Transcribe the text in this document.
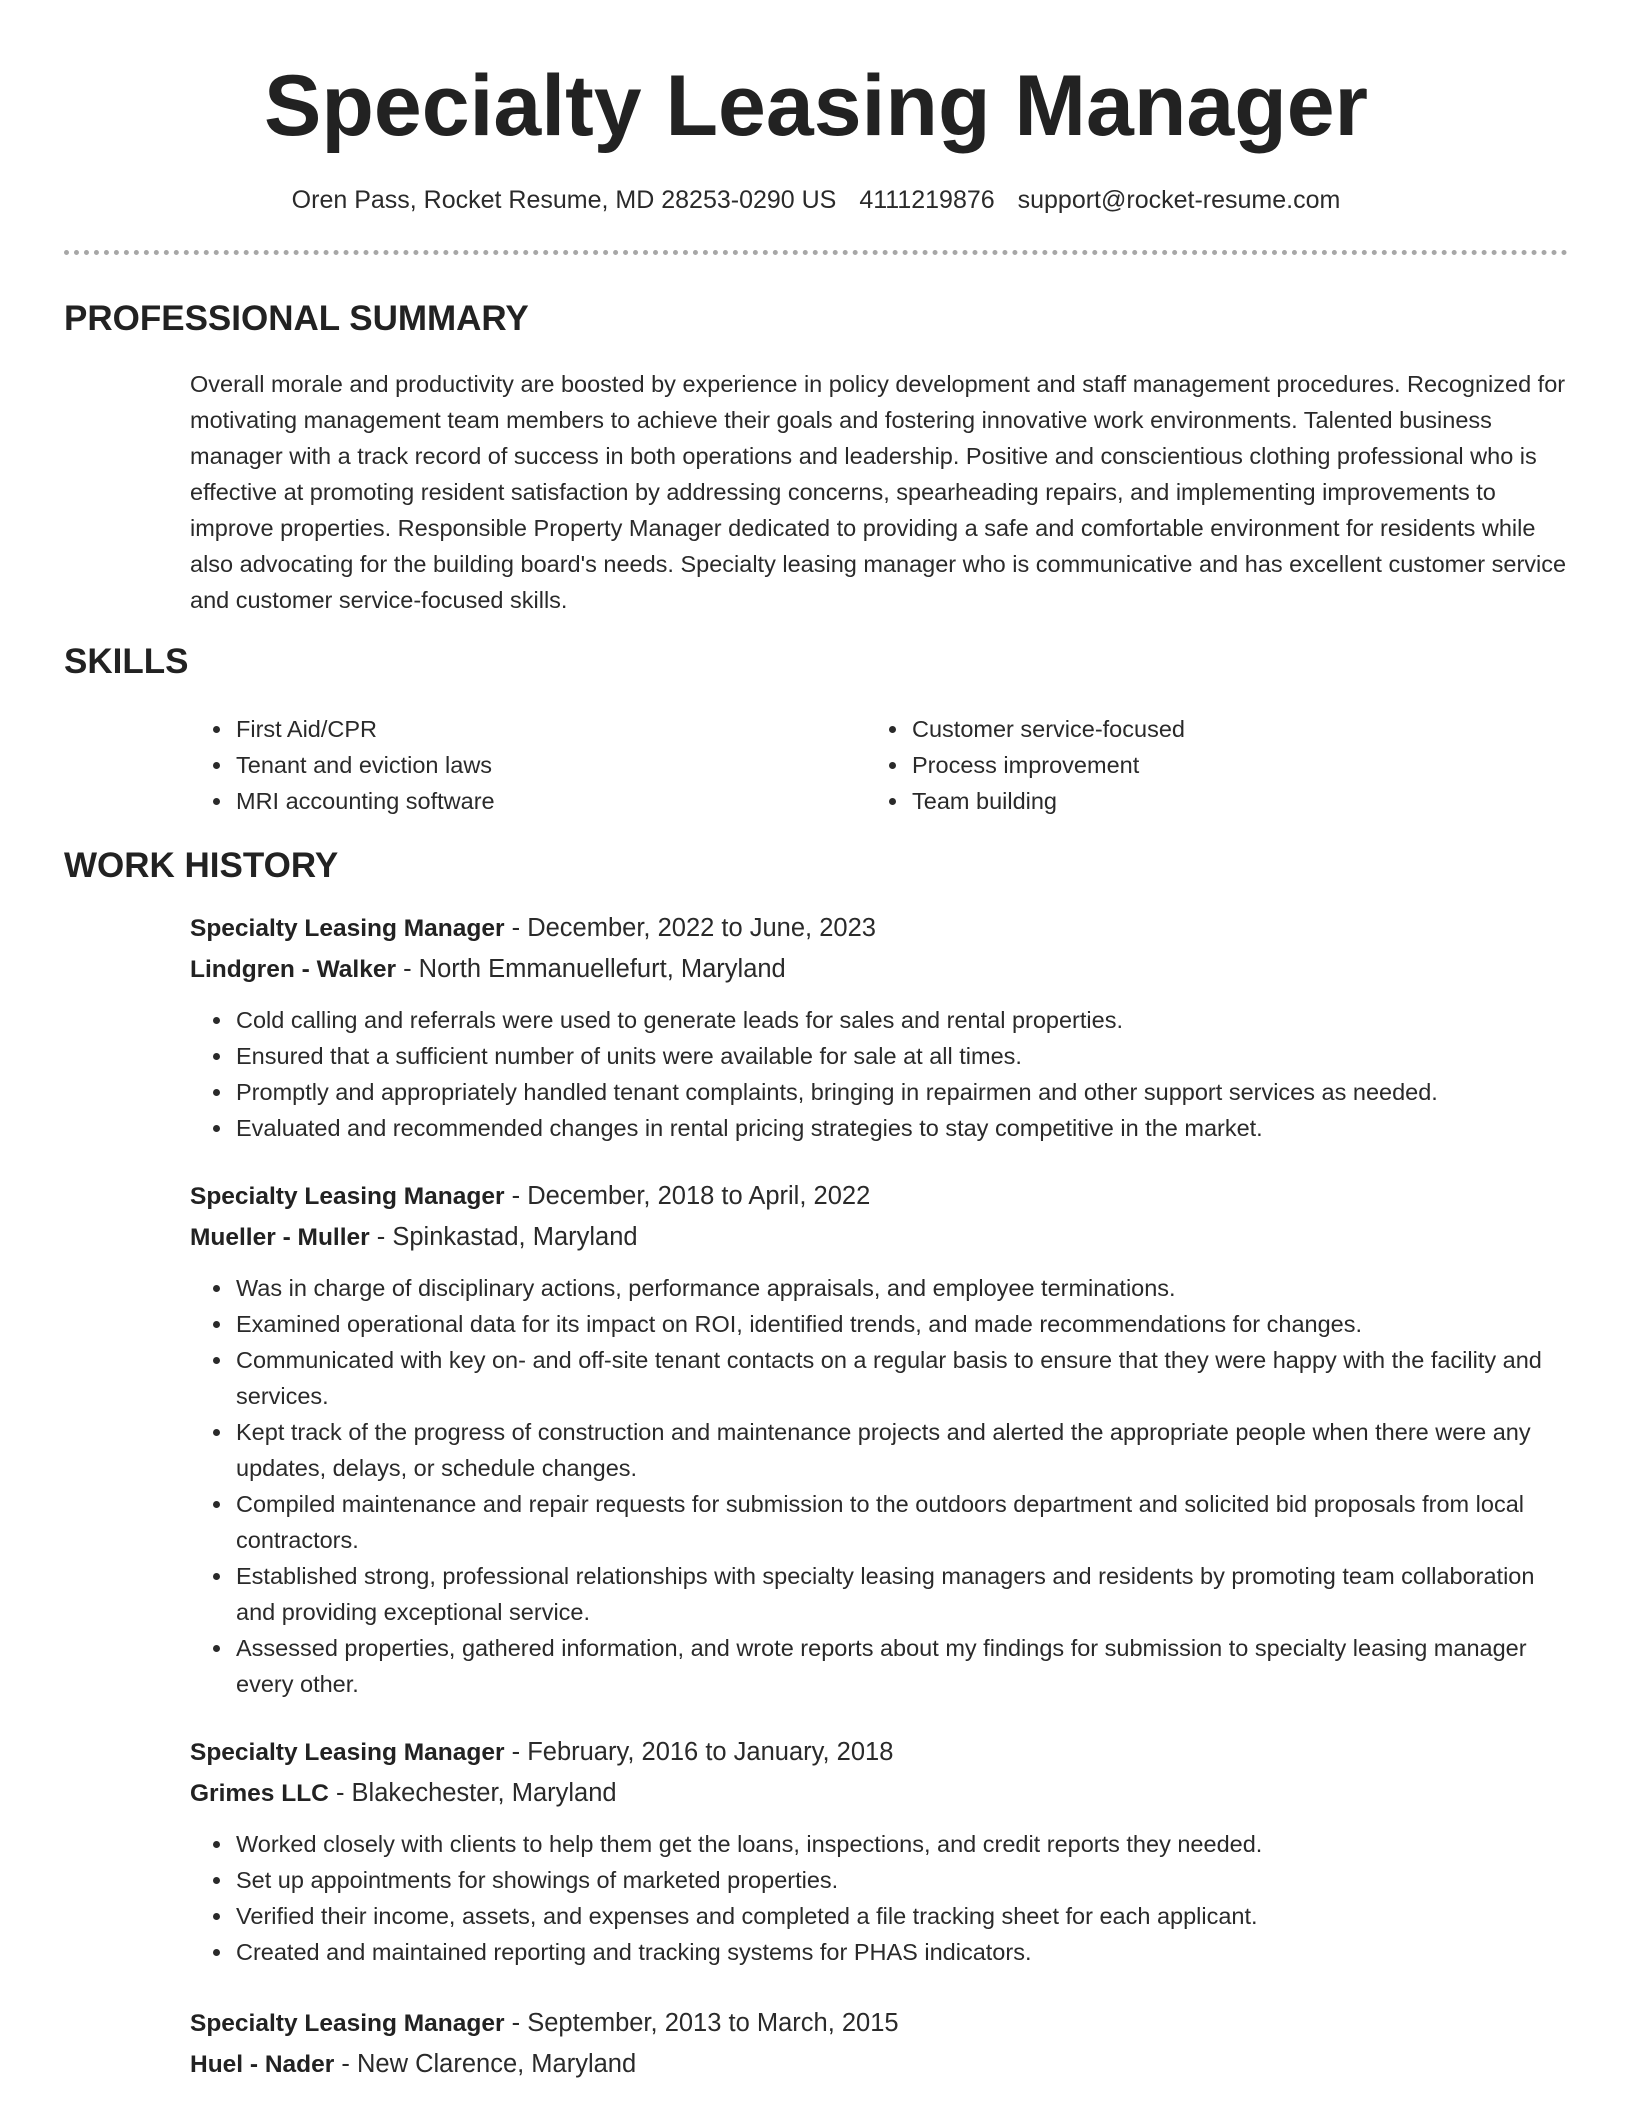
Specialty Leasing Manager
Oren Pass, Rocket Resume, MD 28253-0290 US 4111219876 support@rocket-resume.com
PROFESSIONAL SUMMARY
Overall morale and productivity are boosted by experience in policy development and staff management procedures. Recognized for motivating management team members to achieve their goals and fostering innovative work environments. Talented business manager with a track record of success in both operations and leadership. Positive and conscientious clothing professional who is effective at promoting resident satisfaction by addressing concerns, spearheading repairs, and implementing improvements to improve properties. Responsible Property Manager dedicated to providing a safe and comfortable environment for residents while also advocating for the building board's needs. Specialty leasing manager who is communicative and has excellent customer service and customer service-focused skills.
SKILLS
• First Aid/CPR
• Tenant and eviction laws
• MRI accounting software
• Customer service-focused
• Process improvement
• Team building
WORK HISTORY
Specialty Leasing Manager - December, 2022 to June, 2023
Lindgren - Walker - North Emmanuellefurt, Maryland
• Cold calling and referrals were used to generate leads for sales and rental properties.
• Ensured that a sufficient number of units were available for sale at all times.
• Promptly and appropriately handled tenant complaints, bringing in repairmen and other support services as needed.
• Evaluated and recommended changes in rental pricing strategies to stay competitive in the market.
Specialty Leasing Manager - December, 2018 to April, 2022
Mueller - Muller - Spinkastad, Maryland
• Was in charge of disciplinary actions, performance appraisals, and employee terminations.
• Examined operational data for its impact on ROI, identified trends, and made recommendations for changes.
• Communicated with key on- and off-site tenant contacts on a regular basis to ensure that they were happy with the facility and services.
• Kept track of the progress of construction and maintenance projects and alerted the appropriate people when there were any updates, delays, or schedule changes.
• Compiled maintenance and repair requests for submission to the outdoors department and solicited bid proposals from local contractors.
• Established strong, professional relationships with specialty leasing managers and residents by promoting team collaboration and providing exceptional service.
• Assessed properties, gathered information, and wrote reports about my findings for submission to specialty leasing manager every other.
Specialty Leasing Manager - February, 2016 to January, 2018
Grimes LLC - Blakechester, Maryland
• Worked closely with clients to help them get the loans, inspections, and credit reports they needed.
• Set up appointments for showings of marketed properties.
• Verified their income, assets, and expenses and completed a file tracking sheet for each applicant.
• Created and maintained reporting and tracking systems for PHAS indicators.
Specialty Leasing Manager - September, 2013 to March, 2015
Huel - Nader - New Clarence, Maryland
